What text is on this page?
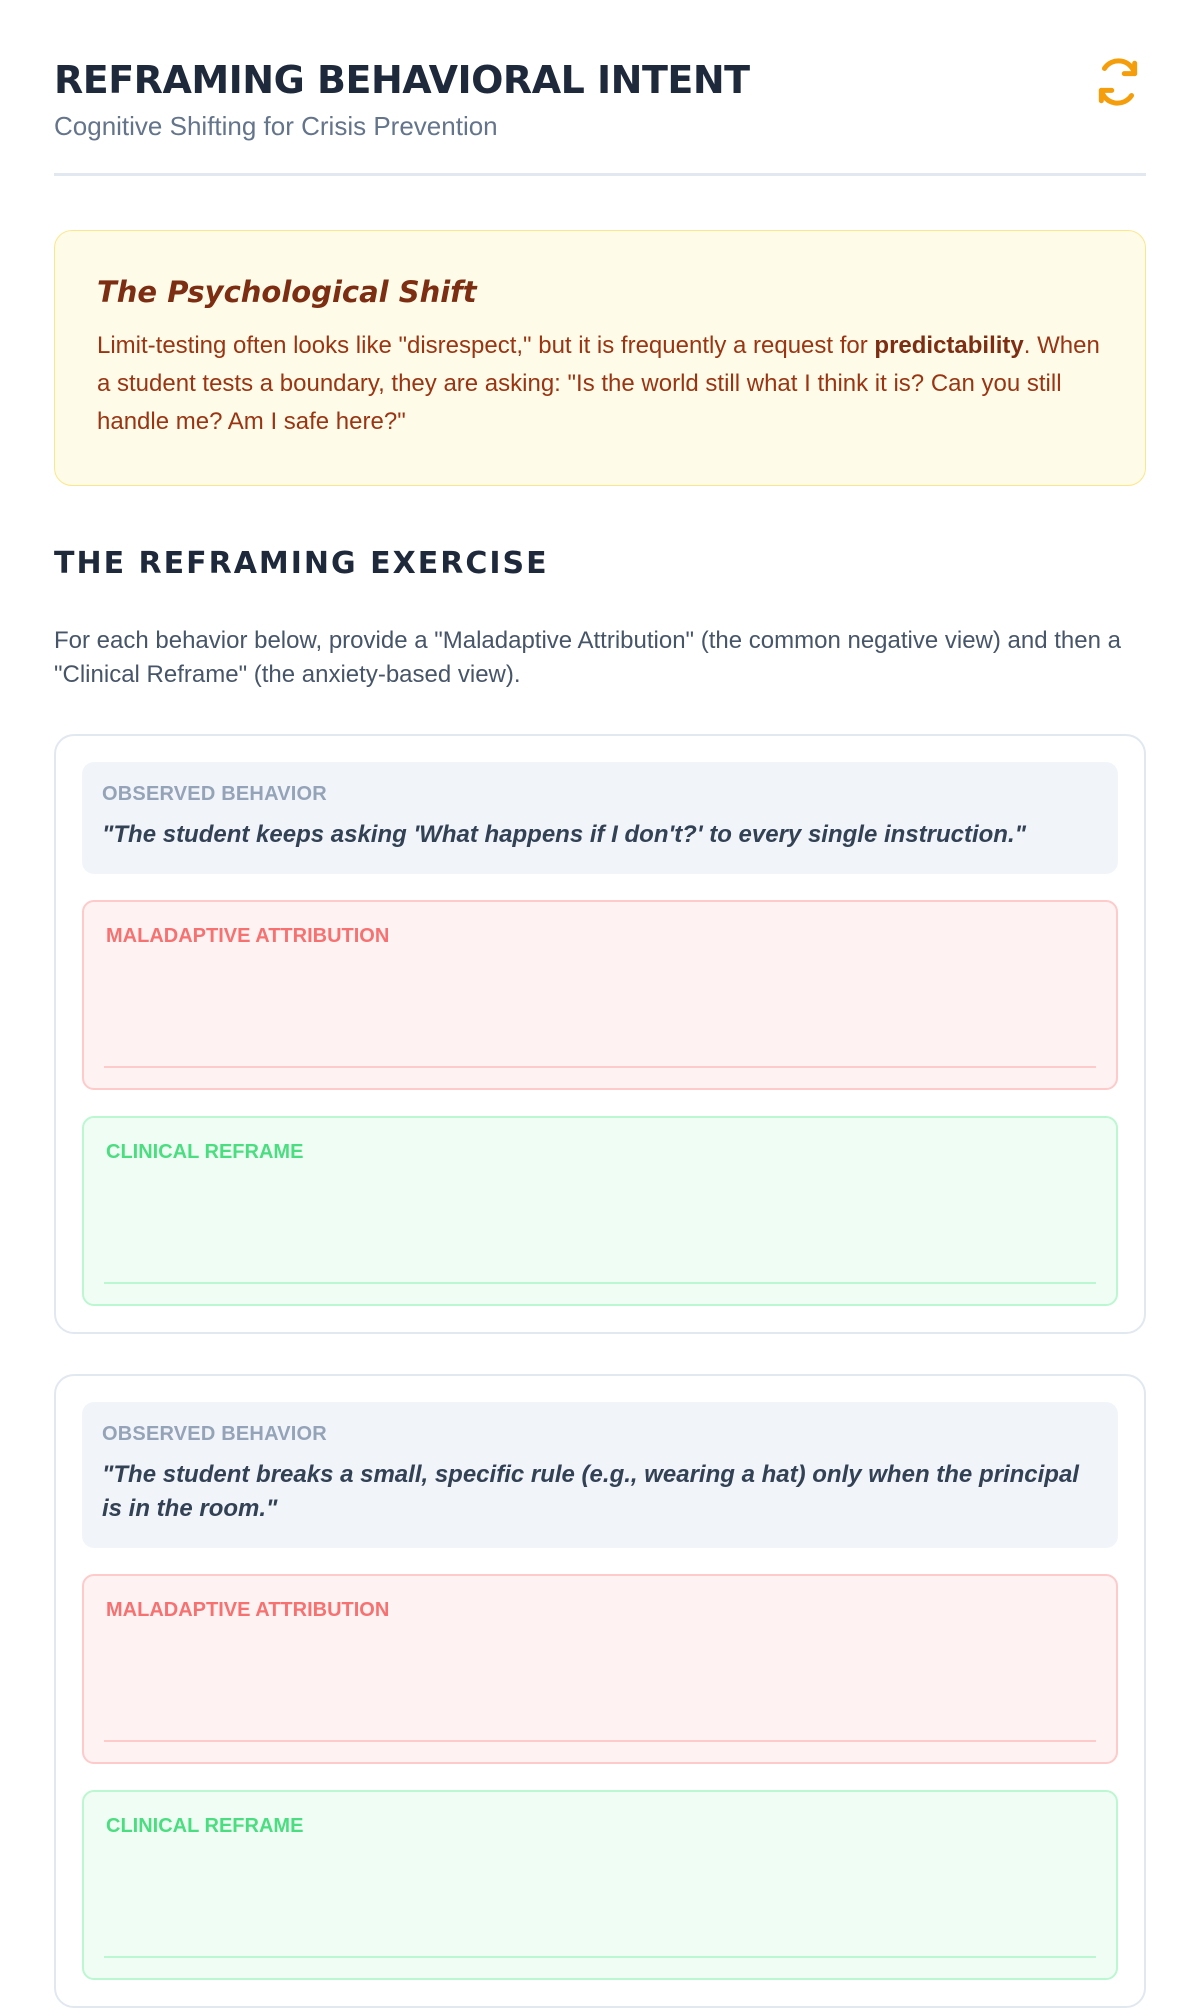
REFRAMING BEHAVIORAL INTENT
Cognitive Shifting for Crisis Prevention
The Psychological Shift

Limit-testing often looks like "disrespect," but it is frequently a request for predictability. When a student tests a boundary, they are asking: "Is the world still what I think it is? Can you still handle me? Am I safe here?"

THE REFRAMING EXERCISE

For each behavior below, provide a "Maladaptive Attribution" (the common negative view) and then a "Clinical Reframe" (the anxiety-based view).

OBSERVED BEHAVIOR
"The student keeps asking 'What happens if I don't?' to every single instruction."
MALADAPTIVE ATTRIBUTION
CLINICAL REFRAME
OBSERVED BEHAVIOR
"The student breaks a small, specific rule (e.g., wearing a hat) only when the principal is in the room."
MALADAPTIVE ATTRIBUTION
CLINICAL REFRAME
